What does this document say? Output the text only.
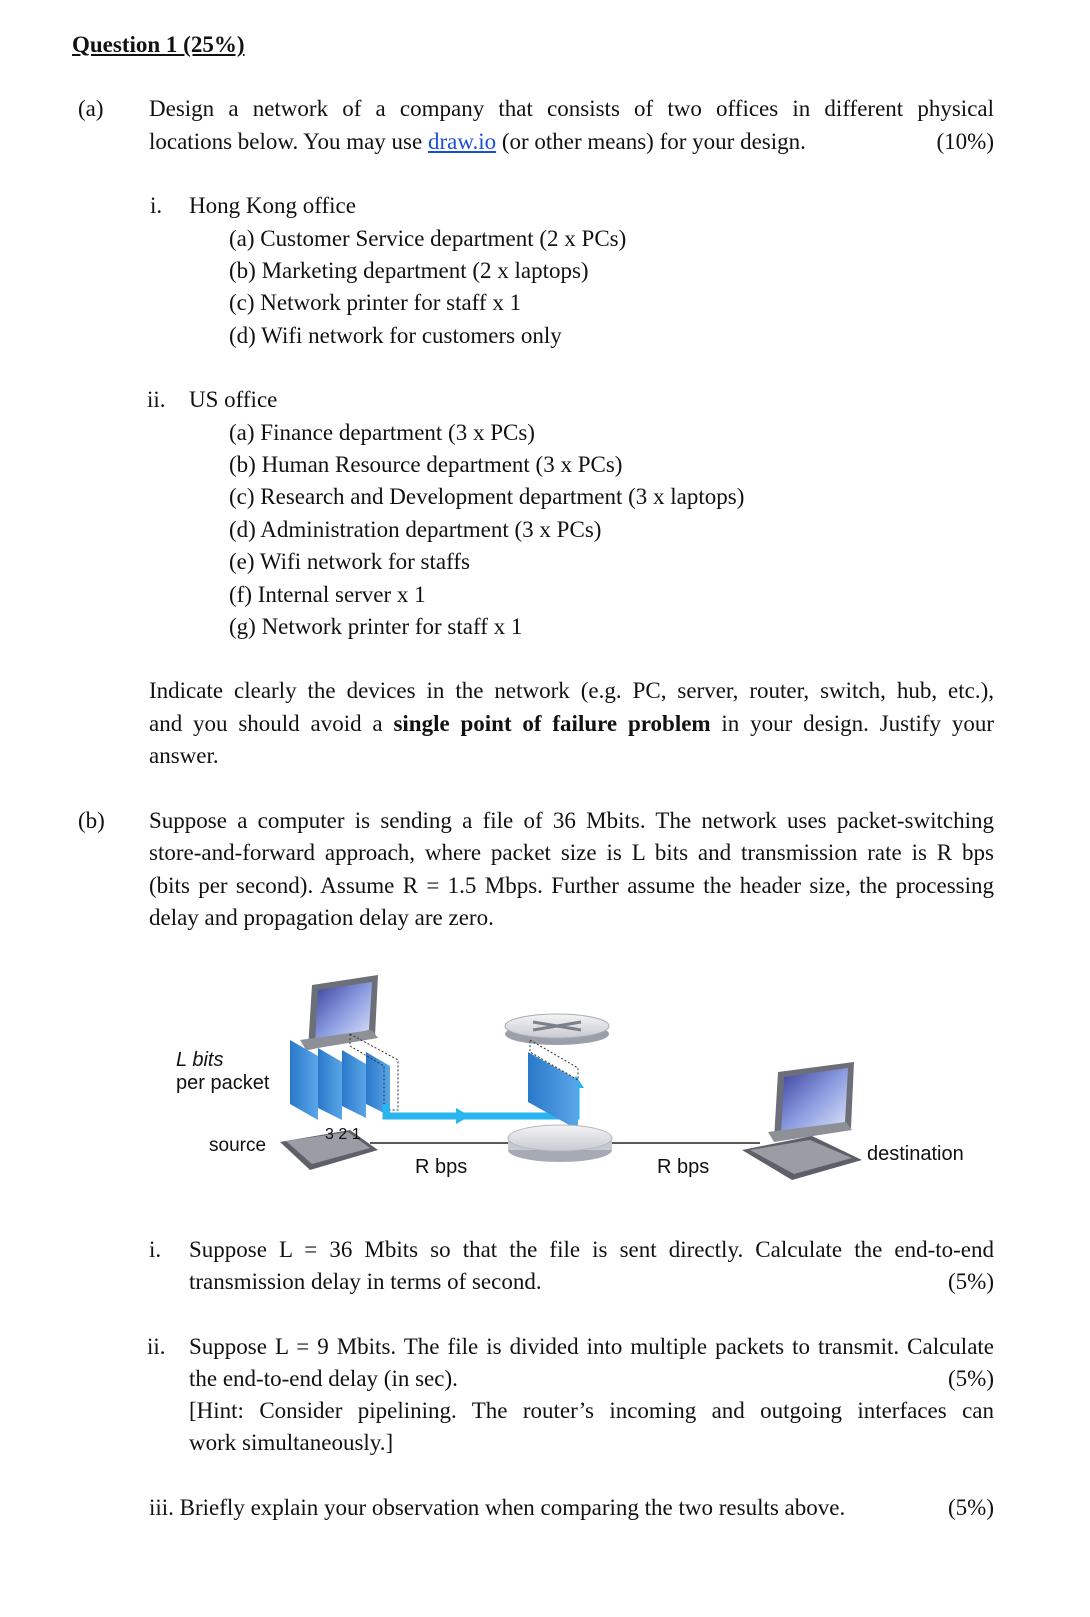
Question 1 (25%)
(a) Design a network of a company that consists of two offices in different physical
locations below. You may use draw.io (or other means) for your design.	(10%)
i. Hong Kong office
(a) Customer Service department (2 x PCs)
(b) Marketing department (2 x laptops)
(c) Network printer for staff x 1
(d) Wifi network for customers only
ii. US office
(a) Finance department (3 x PCs)
(b) Human Resource department (3 x PCs)
(c) Research and Development department (3 x laptops)
(d) Administration department (3 x PCs)
(e) Wifi network for staffs
(f) Internal server x 1
(g) Network printer for staff x 1
Indicate clearly the devices in the network (e.g. PC, server, router, switch, hub, etc.),
and you should avoid a single point of failure problem in your design. Justify your
answer.
(b) Suppose a computer is sending a file of 36 Mbits. The network uses packet-switching
store-and-forward approach, where packet size is L bits and transmission rate is R bps
(bits per second). Assume R = 1.5 Mbps. Further assume the header size, the processing
delay and propagation delay are zero.
L bits
per packet
3 2 1
source
R bps	R bps
destination
i. Suppose L = 36 Mbits so that the file is sent directly. Calculate the end-to-end
transmission delay in terms of second.	(5%)
ii. Suppose L = 9 Mbits. The file is divided into multiple packets to transmit. Calculate
the end-to-end delay (in sec).	(5%)
[Hint: Consider pipelining. The router’s incoming and outgoing interfaces can
work simultaneously.]
iii. Briefly explain your observation when comparing the two results above.	(5%)
